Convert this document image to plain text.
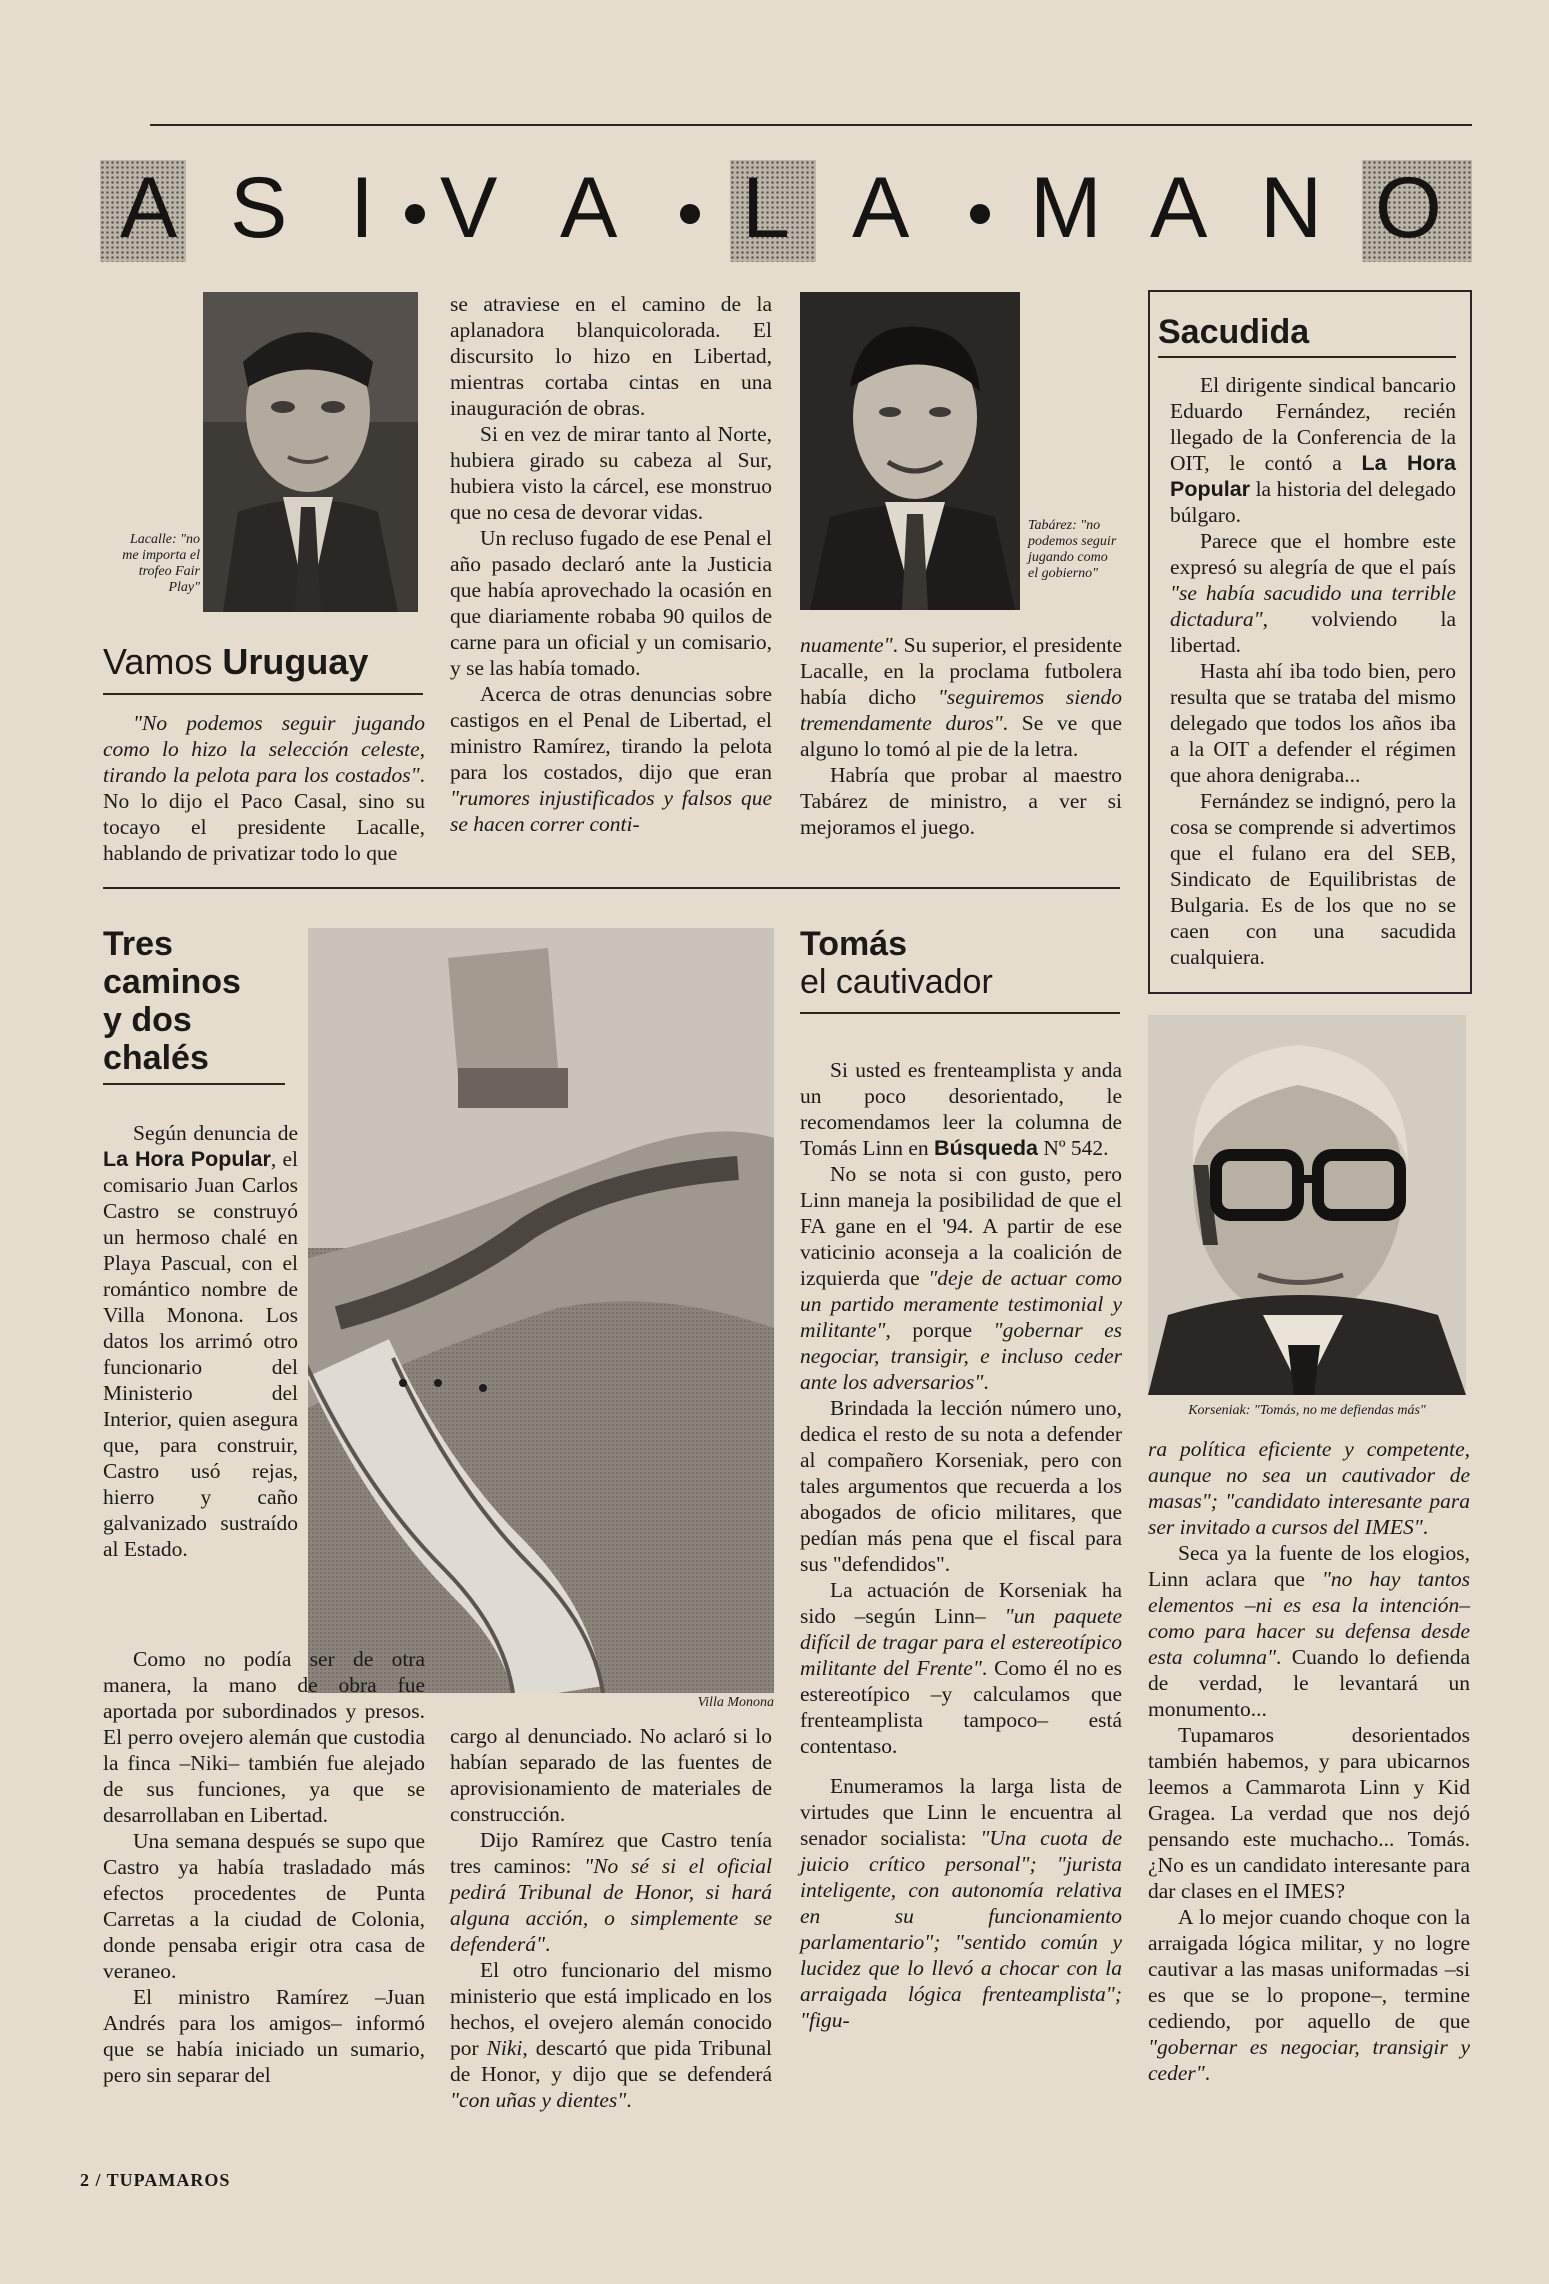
A S I V A L A M A N O
Lacalle: "no me importa el trofeo Fair Play"
Vamos Uruguay

"No podemos seguir jugando como lo hizo la selección celeste, tirando la pelota para los costados". No lo dijo el Paco Casal, sino su tocayo el presidente Lacalle, hablando de privatizar todo lo que

se atraviese en el camino de la aplanadora blanquicolorada. El discursito lo hizo en Libertad, mientras cortaba cintas en una inauguración de obras.

Si en vez de mirar tanto al Norte, hubiera girado su cabeza al Sur, hubiera visto la cárcel, ese monstruo que no cesa de devorar vidas.

Un recluso fugado de ese Penal el año pasado declaró ante la Justicia que había aprovechado la ocasión en que diariamente robaba 90 quilos de carne para un oficial y un comisario, y se las había tomado.

Acerca de otras denuncias sobre castigos en el Penal de Libertad, el ministro Ramírez, tirando la pelota para los costados, dijo que eran "rumores injustificados y falsos que se hacen correr conti-

Tabárez: "no podemos seguir jugando como el gobierno"

nuamente". Su superior, el presidente Lacalle, en la proclama futbolera había dicho "seguiremos siendo tremendamente duros". Se ve que alguno lo tomó al pie de la letra.

Habría que probar al maestro Tabárez de ministro, a ver si mejoramos el juego.

Sacudida

El dirigente sindical bancario Eduardo Fernández, recién llegado de la Conferencia de la OIT, le contó a La Hora Popular la historia del delegado búlgaro.

Parece que el hombre este expresó su alegría de que el país "se había sacudido una terrible dictadura", volviendo la libertad.

Hasta ahí iba todo bien, pero resulta que se trataba del mismo delegado que todos los años iba a la OIT a defender el régimen que ahora denigraba...

Fernández se indignó, pero la cosa se comprende si advertimos que el fulano era del SEB, Sindicato de Equilibristas de Bulgaria. Es de los que no se caen con una sacudida cualquiera.

Tres caminos y dos chalés
Villa Monona

Según denuncia de La Hora Popular, el comisario Juan Carlos Castro se construyó un hermoso chalé en Playa Pascual, con el romántico nombre de Villa Monona. Los datos los arrimó otro funcionario del Ministerio del Interior, quien asegura que, para construir, Castro usó rejas, hierro y caño galvanizado sustraído al Estado.

Como no podía ser de otra manera, la mano de obra fue aportada por subordinados y presos. El perro ovejero alemán que custodia la finca –Niki– también fue alejado de sus funciones, ya que se desarrollaban en Libertad.

Una semana después se supo que Castro ya había trasladado más efectos procedentes de Punta Carretas a la ciudad de Colonia, donde pensaba erigir otra casa de veraneo.

El ministro Ramírez –Juan Andrés para los amigos– informó que se había iniciado un sumario, pero sin separar del

cargo al denunciado. No aclaró si lo habían separado de las fuentes de aprovisionamiento de materiales de construcción.

Dijo Ramírez que Castro tenía tres caminos: "No sé si el oficial pedirá Tribunal de Honor, si hará alguna acción, o simplemente se defenderá".

El otro funcionario del mismo ministerio que está implicado en los hechos, el ovejero alemán conocido por Niki, descartó que pida Tribunal de Honor, y dijo que se defenderá "con uñas y dientes".

Tomás
el cautivador

Si usted es frenteamplista y anda un poco desorientado, le recomendamos leer la columna de Tomás Linn en Búsqueda Nº 542.

No se nota si con gusto, pero Linn maneja la posibilidad de que el FA gane en el '94. A partir de ese vaticinio aconseja a la coalición de izquierda que "deje de actuar como un partido meramente testimonial y militante", porque "gobernar es negociar, transigir, e incluso ceder ante los adversarios".

Brindada la lección número uno, dedica el resto de su nota a defender al compañero Korseniak, pero con tales argumentos que recuerda a los abogados de oficio militares, que pedían más pena que el fiscal para sus "defendidos".

La actuación de Korseniak ha sido –según Linn– "un paquete difícil de tragar para el estereotípico militante del Frente". Como él no es estereotípico –y calculamos que frenteamplista tampoco– está contentaso.

Enumeramos la larga lista de virtudes que Linn le encuentra al senador socialista: "Una cuota de juicio crítico personal"; "jurista inteligente, con autonomía relativa en su funcionamiento parlamentario"; "sentido común y lucidez que lo llevó a chocar con la arraigada lógica frenteamplista"; "figu-

Korseniak: "Tomás, no me defiendas más"

ra política eficiente y competente, aunque no sea un cautivador de masas"; "candidato interesante para ser invitado a cursos del IMES".

Seca ya la fuente de los elogios, Linn aclara que "no hay tantos elementos –ni es esa la intención– como para hacer su defensa desde esta columna". Cuando lo defienda de verdad, le levantará un monumento...

Tupamaros desorientados también habemos, y para ubicarnos leemos a Cammarota Linn y Kid Gragea. La verdad que nos dejó pensando este muchacho... Tomás. ¿No es un candidato interesante para dar clases en el IMES?

A lo mejor cuando choque con la arraigada lógica militar, y no logre cautivar a las masas uniformadas –si es que se lo propone–, termine cediendo, por aquello de que "gobernar es negociar, transigir y ceder".

2 / TUPAMAROS
